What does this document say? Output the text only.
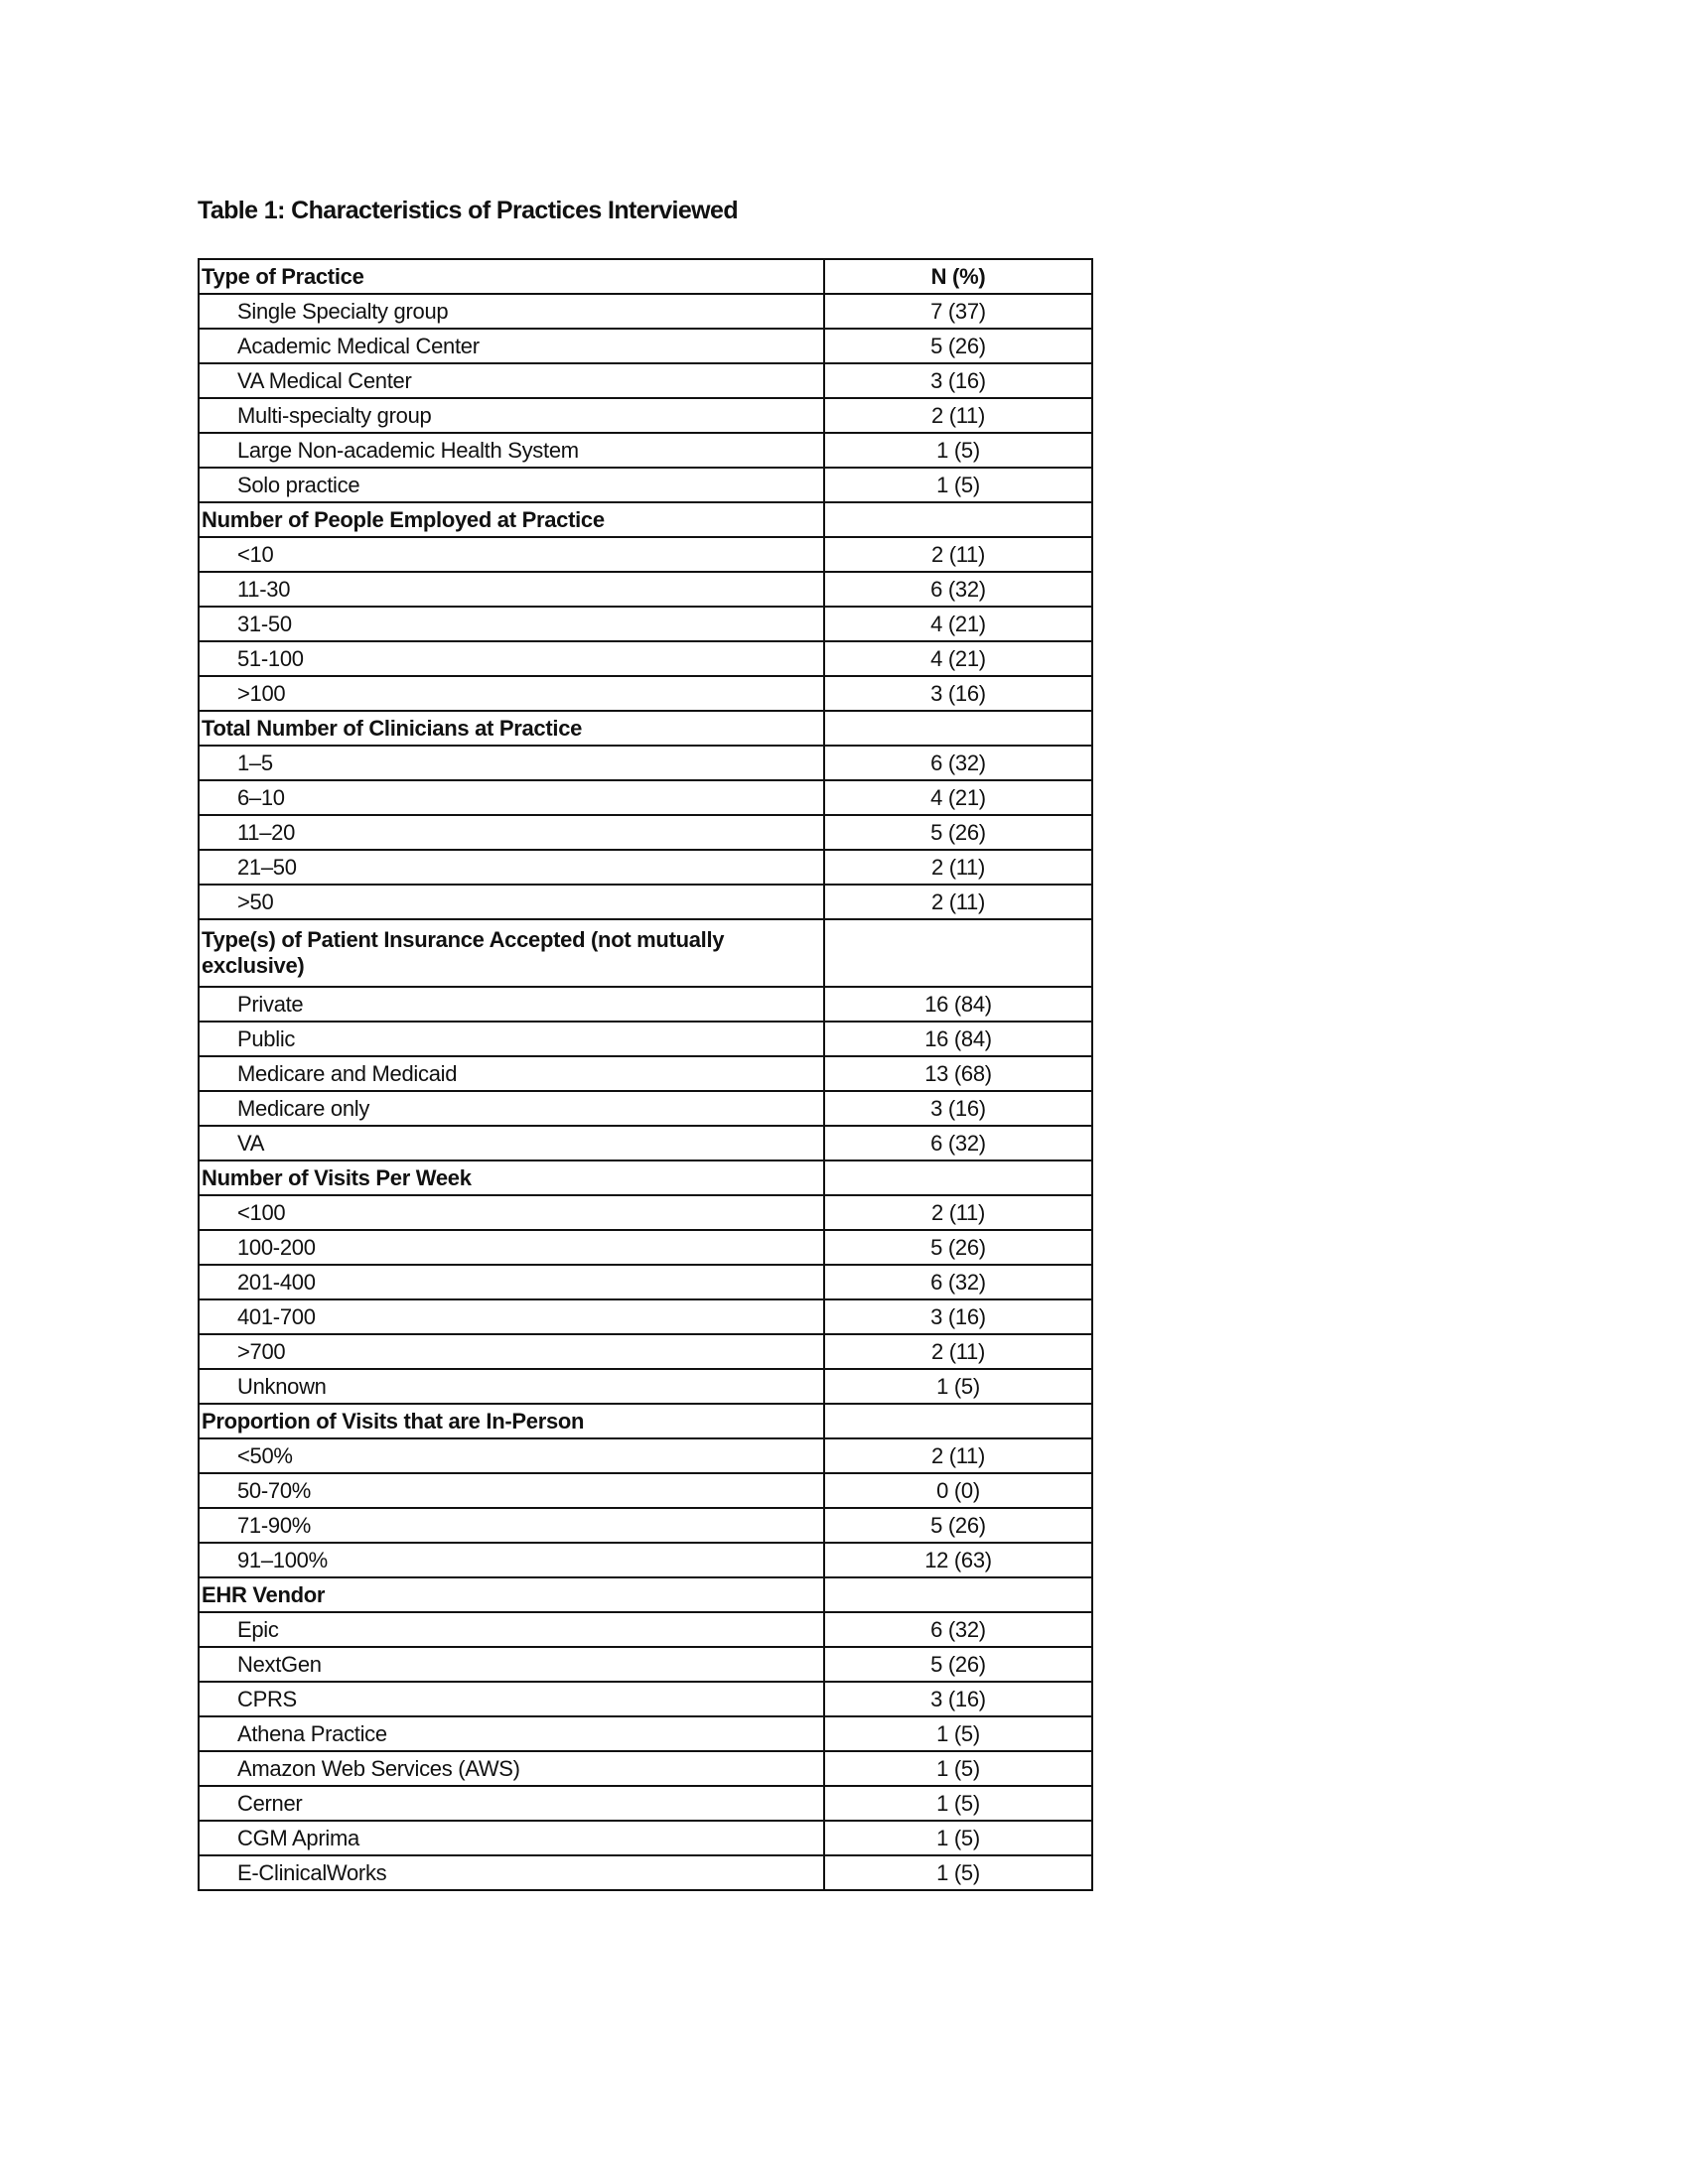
Table 1: Characteristics of Practices Interviewed
Type of Practice	N (%)
Single Specialty group	7 (37)
Academic Medical Center	5 (26)
VA Medical Center	3 (16)
Multi-specialty group	2 (11)
Large Non-academic Health System	1 (5)
Solo practice	1 (5)
Number of People Employed at Practice	
<10	2 (11)
11-30	6 (32)
31-50	4 (21)
51-100	4 (21)
>100	3 (16)
Total Number of Clinicians at Practice	
1–5	6 (32)
6–10	4 (21)
11–20	5 (26)
21–50	2 (11)
>50	2 (11)
Type(s) of Patient Insurance Accepted (not mutually exclusive)	
Private	16 (84)
Public	16 (84)
Medicare and Medicaid	13 (68)
Medicare only	3 (16)
VA	6 (32)
Number of Visits Per Week	
<100	2 (11)
100-200	5 (26)
201-400	6 (32)
401-700	3 (16)
>700	2 (11)
Unknown	1 (5)
Proportion of Visits that are In-Person	
<50%	2 (11)
50-70%	0 (0)
71-90%	5 (26)
91–100%	12 (63)
EHR Vendor	
Epic	6 (32)
NextGen	5 (26)
CPRS	3 (16)
Athena Practice	1 (5)
Amazon Web Services (AWS)	1 (5)
Cerner	1 (5)
CGM Aprima	1 (5)
E-ClinicalWorks	1 (5)
